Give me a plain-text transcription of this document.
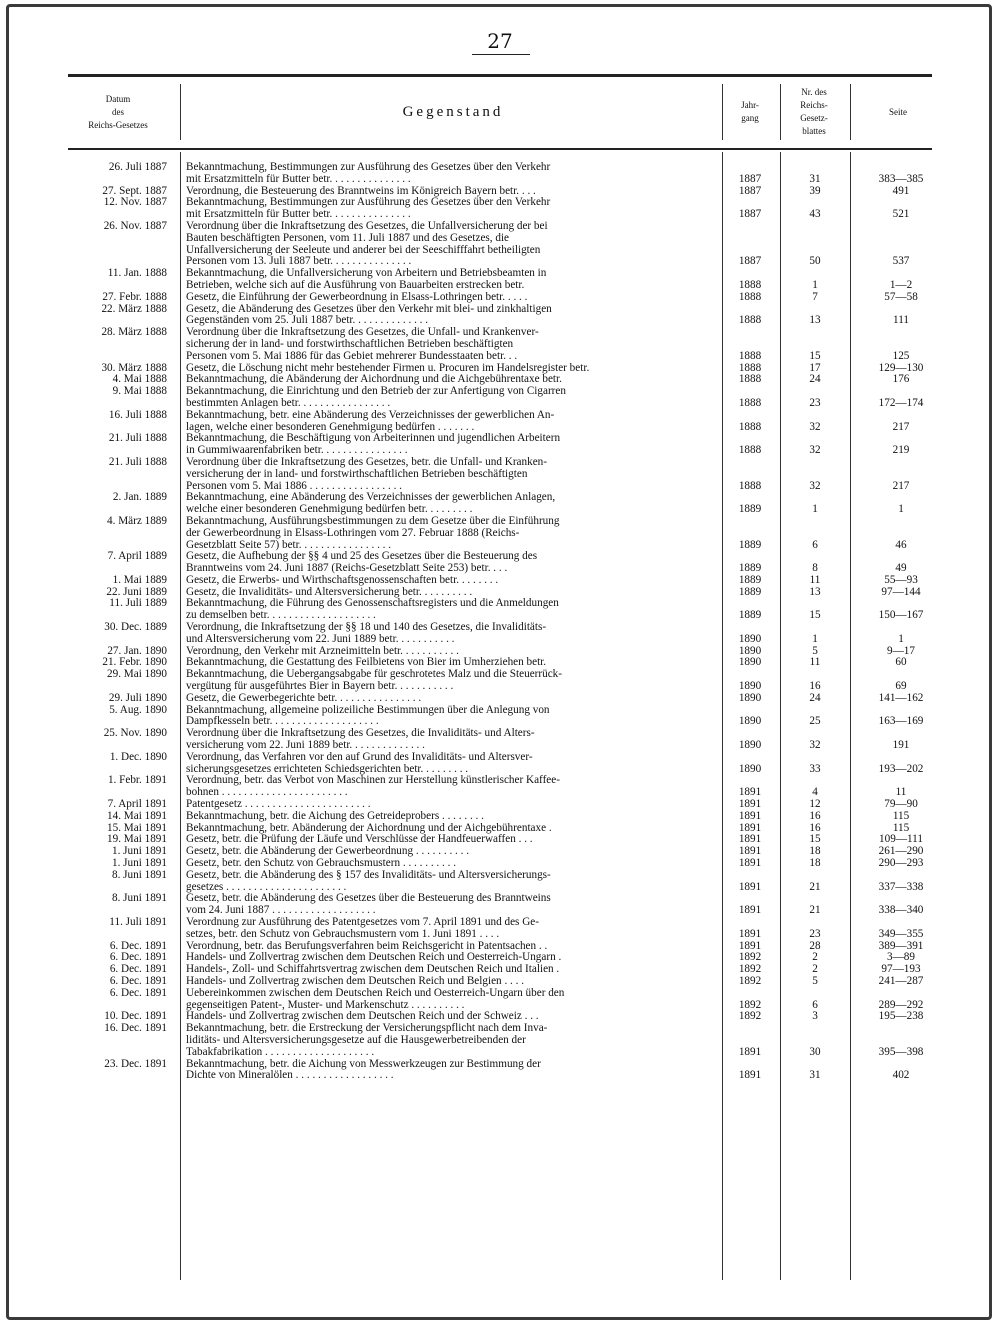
27
Datum
des
Reichs-Gesetzes
Gegenstand	Jahr-
gang
Nr. des
Reichs-
Gesetz-
blattes
Seite
26. Juli 1887 Bekanntmachung, Bestimmungen zur Ausführung des Gesetzes über den Verkehr
mit Ersatzmitteln für Butter betr. . . . . . . . . . . . . . .	1887	31	383—385
27. Sept. 1887 Verordnung, die Besteuerung des Branntweins im Königreich Bayern betr. . . .	1887	39	491
12. Nov. 1887 Bekanntmachung, Bestimmungen zur Ausführung des Gesetzes über den Verkehr
mit Ersatzmitteln für Butter betr. . . . . . . . . . . . . . .	1887	43	521
26. Nov. 1887 Verordnung über die Inkraftsetzung des Gesetzes, die Unfallversicherung der bei
Bauten beschäftigten Personen, vom 11. Juli 1887 und des Gesetzes, die
Unfallversicherung der Seeleute und anderer bei der Seeschifffahrt betheiligten
Personen vom 13. Juli 1887 betr. . . . . . . . . . . . . . .	1887	50	537
11. Jan. 1888 Bekanntmachung, die Unfallversicherung von Arbeitern und Betriebsbeamten in
Betrieben, welche sich auf die Ausführung von Bauarbeiten erstrecken betr.	1888	1	1—2
27. Febr. 1888 Gesetz, die Einführung der Gewerbeordnung in Elsass-Lothringen betr. . . . .	1888	7	57—58
22. März 1888 Gesetz, die Abänderung des Gesetzes über den Verkehr mit blei- und zinkhaltigen
Gegenständen vom 25. Juli 1887 betr. . . . . . . . . . . . . .	1888	13	111
28. März 1888 Verordnung über die Inkraftsetzung des Gesetzes, die Unfall- und Krankenver-
sicherung der in land- und forstwirthschaftlichen Betrieben beschäftigten
Personen vom 5. Mai 1886 für das Gebiet mehrerer Bundesstaaten betr. . .	1888	15	125
30. März 1888 Gesetz, die Löschung nicht mehr bestehender Firmen u. Procuren im Handelsregister betr.	1888	17	129—130
4. Mai 1888 Bekanntmachung, die Abänderung der Aichordnung und die Aichgebührentaxe betr.	1888	24	176
9. Mai 1888 Bekanntmachung, die Einrichtung und den Betrieb der zur Anfertigung von Cigarren
bestimmten Anlagen betr. . . . . . . . . . . . . . . . .	1888	23	172—174
16. Juli 1888 Bekanntmachung, betr. eine Abänderung des Verzeichnisses der gewerblichen An-
lagen, welche einer besonderen Genehmigung bedürfen . . . . . . .	1888	32	217
21. Juli 1888 Bekanntmachung, die Beschäftigung von Arbeiterinnen und jugendlichen Arbeitern
in Gummiwaarenfabriken betr. . . . . . . . . . . . . . . .	1888	32	219
21. Juli 1888 Verordnung über die Inkraftsetzung des Gesetzes, betr. die Unfall- und Kranken-
versicherung der in land- und forstwirthschaftlichen Betrieben beschäftigten
Personen vom 5. Mai 1886 . . . . . . . . . . . . . . . . .	1888	32	217
2. Jan. 1889 Bekanntmachung, eine Abänderung des Verzeichnisses der gewerblichen Anlagen,
welche einer besonderen Genehmigung bedürfen betr. . . . . . . . .	1889	1	1
4. März 1889 Bekanntmachung, Ausführungsbestimmungen zu dem Gesetze über die Einführung
der Gewerbeordnung in Elsass-Lothringen vom 27. Februar 1888 (Reichs-
Gesetzblatt Seite 57) betr. . . . . . . . . . . . . . . . .	1889	6	46
7. April 1889 Gesetz, die Aufhebung der §§ 4 und 25 des Gesetzes über die Besteuerung des
Branntweins vom 24. Juni 1887 (Reichs-Gesetzblatt Seite 253) betr. . . .	1889	8	49
1. Mai 1889 Gesetz, die Erwerbs- und Wirthschaftsgenossenschaften betr. . . . . . . .	1889	11	55—93
22. Juni 1889 Gesetz, die Invaliditäts- und Altersversicherung betr. . . . . . . . . .	1889	13	97—144
11. Juli 1889 Bekanntmachung, die Führung des Genossenschaftsregisters und die Anmeldungen
zu demselben betr. . . . . . . . . . . . . . . . . . . .	1889	15	150—167
30. Dec. 1889 Verordnung, die Inkraftsetzung der §§ 18 und 140 des Gesetzes, die Invaliditäts-
und Altersversicherung vom 22. Juni 1889 betr. . . . . . . . . . .	1890	1	1
27. Jan. 1890 Verordnung, den Verkehr mit Arzneimitteln betr. . . . . . . . . . .	1890	5	9—17
21. Febr. 1890 Bekanntmachung, die Gestattung des Feilbietens von Bier im Umherziehen betr.	1890	11	60
29. Mai 1890 Bekanntmachung, die Uebergangsabgabe für geschrotetes Malz und die Steuerrück-
vergütung für ausgeführtes Bier in Bayern betr. . . . . . . . . . .	1890	16	69
29. Juli 1890 Gesetz, die Gewerbegerichte betr. . . . . . . . . . . . . . . .	1890	24	141—162
5. Aug. 1890 Bekanntmachung, allgemeine polizeiliche Bestimmungen über die Anlegung von
Dampfkesseln betr. . . . . . . . . . . . . . . . . . . .	1890	25	163—169
25. Nov. 1890 Verordnung über die Inkraftsetzung des Gesetzes, die Invaliditäts- und Alters-
versicherung vom 22. Juni 1889 betr. . . . . . . . . . . . . .	1890	32	191
1. Dec. 1890 Verordnung, das Verfahren vor den auf Grund des Invaliditäts- und Altersver-
sicherungsgesetzes errichteten Schiedsgerichten betr. . . . . . . . .	1890	33	193—202
1. Febr. 1891 Verordnung, betr. das Verbot von Maschinen zur Herstellung künstlerischer Kaffee-
bohnen . . . . . . . . . . . . . . . . . . . . . . .	1891	4	11
7. April 1891 Patentgesetz . . . . . . . . . . . . . . . . . . . . . . .	1891	12	79—90
14. Mai 1891 Bekanntmachung, betr. die Aichung des Getreideprobers . . . . . . . .	1891	16	115
15. Mai 1891 Bekanntmachung, betr. Abänderung der Aichordnung und der Aichgebührentaxe .	1891	16	115
19. Mai 1891 Gesetz, betr. die Prüfung der Läufe und Verschlüsse der Handfeuerwaffen . . .	1891	15	109—111
1. Juni 1891 Gesetz, betr. die Abänderung der Gewerbeordnung . . . . . . . . . .	1891	18	261—290
1. Juni 1891 Gesetz, betr. den Schutz von Gebrauchsmustern . . . . . . . . . .	1891	18	290—293
8. Juni 1891 Gesetz, betr. die Abänderung des § 157 des Invaliditäts- und Altersversicherungs-
gesetzes . . . . . . . . . . . . . . . . . . . . . .	1891	21	337—338
8. Juni 1891 Gesetz, betr. die Abänderung des Gesetzes über die Besteuerung des Branntweins
vom 24. Juni 1887 . . . . . . . . . . . . . . . . . . .	1891	21	338—340
11. Juli 1891 Verordnung zur Ausführung des Patentgesetzes vom 7. April 1891 und des Ge-
setzes, betr. den Schutz von Gebrauchsmustern vom 1. Juni 1891 . . . .	1891	23	349—355
6. Dec. 1891 Verordnung, betr. das Berufungsverfahren beim Reichsgericht in Patentsachen . .	1891	28	389—391
6. Dec. 1891 Handels- und Zollvertrag zwischen dem Deutschen Reich und Oesterreich-Ungarn .	1892	2	3—89
6. Dec. 1891 Handels-, Zoll- und Schiffahrtsvertrag zwischen dem Deutschen Reich und Italien .	1892	2	97—193
6. Dec. 1891 Handels- und Zollvertrag zwischen dem Deutschen Reich und Belgien . . . .	1892	5	241—287
6. Dec. 1891 Uebereinkommen zwischen dem Deutschen Reich und Oesterreich-Ungarn über den
gegenseitigen Patent-, Muster- und Markenschutz . . . . . . . . . .	1892	6	289—292
10. Dec. 1891 Handels- und Zollvertrag zwischen dem Deutschen Reich und der Schweiz . . .	1892	3	195—238
16. Dec. 1891 Bekanntmachung, betr. die Erstreckung der Versicherungspflicht nach dem Inva-
liditäts- und Altersversicherungsgesetze auf die Hausgewerbetreibenden der
Tabakfabrikation . . . . . . . . . . . . . . . . . . . .	1891	30	395—398
23. Dec. 1891 Bekanntmachung, betr. die Aichung von Messwerkzeugen zur Bestimmung der
Dichte von Mineralölen . . . . . . . . . . . . . . . . . .	1891	31	402
